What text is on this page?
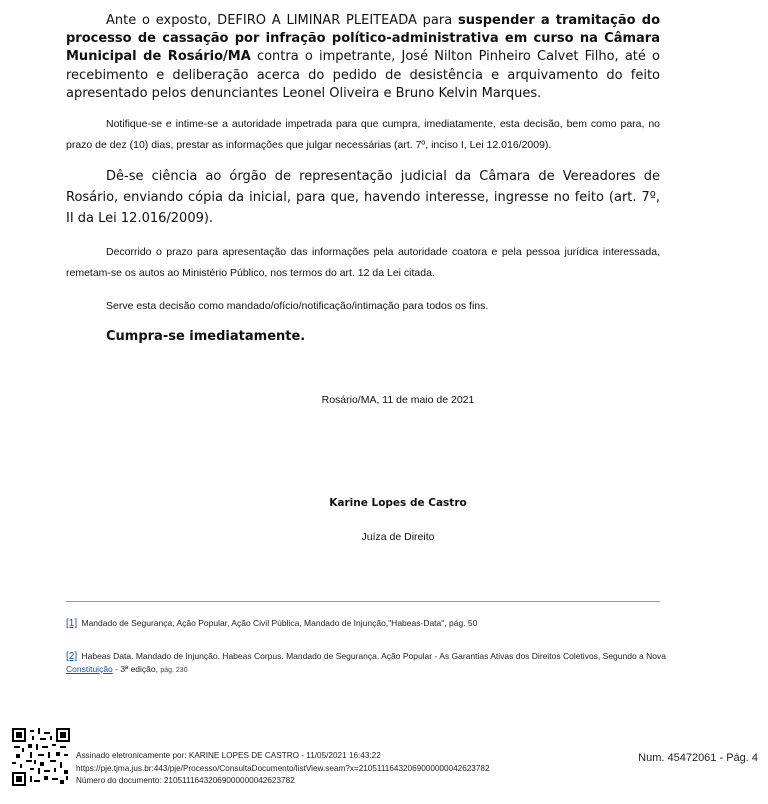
Ante o exposto, DEFIRO A LIMINAR PLEITEADA para suspender a tramitação do processo de cassação por infração político-administrativa em curso na Câmara Municipal de Rosário/MA contra o impetrante, José Nilton Pinheiro Calvet Filho, até o recebimento e deliberação acerca do pedido de desistência e arquivamento do feito apresentado pelos denunciantes Leonel Oliveira e Bruno Kelvin Marques.

Notifique-se e intime-se a autoridade impetrada para que cumpra, imediatamente, esta decisão, bem como para, no prazo de dez (10) dias, prestar as informações que julgar necessárias (art. 7º, inciso I, Lei 12.016/2009).

Dê-se ciência ao órgão de representação judicial da Câmara de Vereadores de Rosário, enviando cópia da inicial, para que, havendo interesse, ingresse no feito (art. 7º, II da Lei 12.016/2009).

Decorrido o prazo para apresentação das informações pela autoridade coatora e pela pessoa jurídica interessada, remetam-se os autos ao Ministério Público, nos termos do art. 12 da Lei citada.

Serve esta decisão como mandado/ofício/notificação/intimação para todos os fins.

Cumpra-se imediatamente.

Rosário/MA, 11 de maio de 2021

Karine Lopes de Castro

Juíza de Direito

[1] Mandado de Segurança, Ação Popular, Ação Civil Pública, Mandado de Injunção,"Habeas-Data", pág. 50
[2] Habeas Data. Mandado de Injunção. Habeas Corpus. Mandado de Segurança. Ação Popular - As Garantias Ativas dos Direitos Coletivos, Segundo a Nova Constituição - 3ª edição, pág. 230
Assinado eletronicamente por: KARINE LOPES DE CASTRO - 11/05/2021 16:43:22
https://pje.tjma.jus.br:443/pje/Processo/ConsultaDocumento/listView.seam?x=21051116432069000000042623782
Número do documento: 21051116432069000000042623782
Num. 45472061 - Pág. 4
